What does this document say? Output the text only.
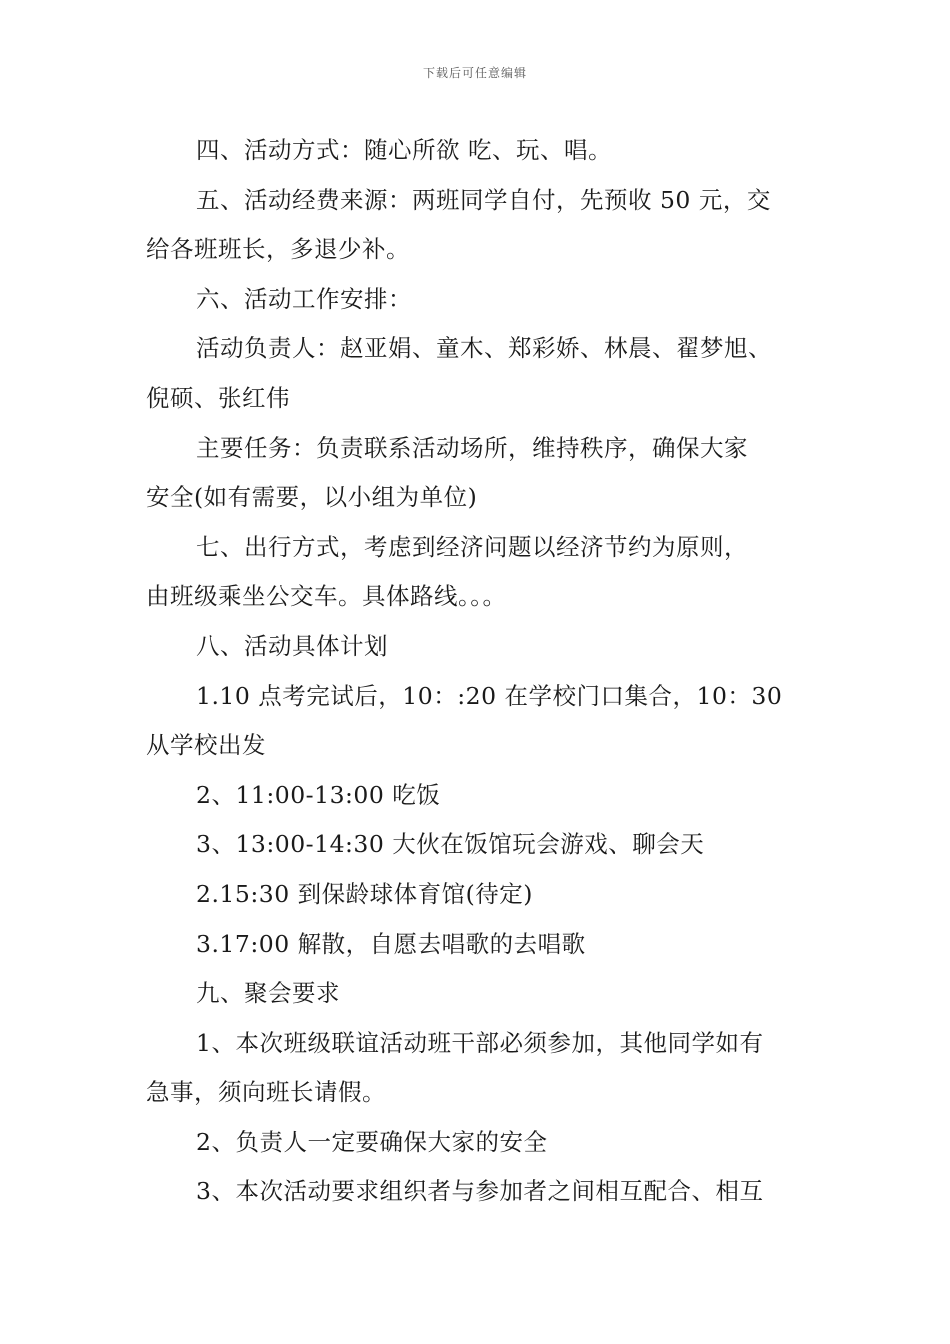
下载后可任意编辑
四、活动方式：随心所欲 吃、玩、唱。
五、活动经费来源：两班同学自付，先预收 50 元，交
给各班班长，多退少补。
六、活动工作安排：
活动负责人：赵亚娟、童木、郑彩娇、林晨、翟梦旭、
倪硕、张红伟
主要任务：负责联系活动场所，维持秩序，确保大家
安全(如有需要，以小组为单位)
七、出行方式，考虑到经济问题以经济节约为原则，
由班级乘坐公交车。具体路线。。。
八、活动具体计划
1.10 点考完试后，10：:20 在学校门口集合，10：30
从学校出发
2、11:00-13:00 吃饭
3、13:00-14:30 大伙在饭馆玩会游戏、聊会天
2.15:30 到保龄球体育馆(待定)
3.17:00 解散，自愿去唱歌的去唱歌
九、聚会要求
1、本次班级联谊活动班干部必须参加，其他同学如有
急事，须向班长请假。
2、负责人一定要确保大家的安全
3、本次活动要求组织者与参加者之间相互配合、相互
